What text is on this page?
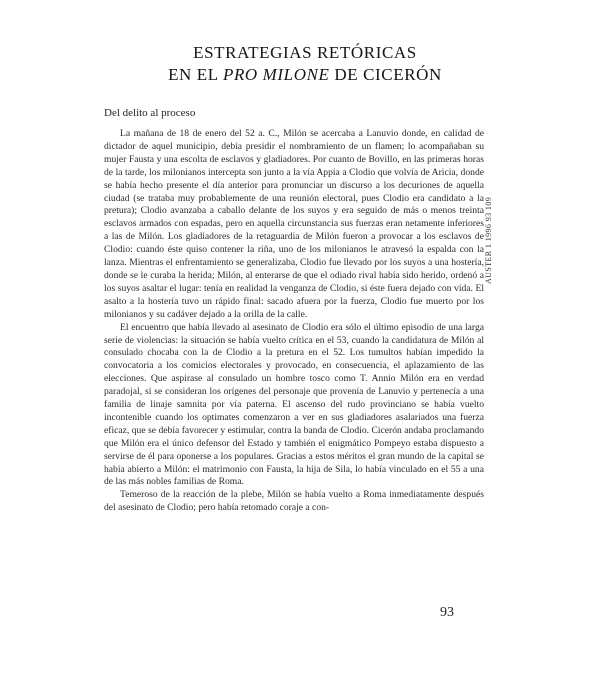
ESTRATEGIAS RETÓRICAS
EN EL PRO MILONE DE CICERÓN
AUSTER 1 1996 93 109
Del delito al proceso

La mañana de 18 de enero del 52 a. C., Milón se acercaba a Lanuvio donde, en calidad de dictador de aquel municipio, debía presidir el nombramiento de un flamen; lo acompañaban su mujer Fausta y una escolta de esclavos y gladiadores. Por cuanto de Bovillo, en las primeras horas de la tarde, los milonianos intercepta son junto a la vía Appia a Clodio que volvía de Aricia, donde se había hecho presente el día anterior para pronunciar un discurso a los decuriones de aquella ciudad (se trataba muy probablemente de una reunión electoral, pues Clodio era candidato a la pretura); Clodio avanzaba a caballo delante de los suyos y era seguido de más o menos treinta esclavos armados con espadas, pero en aquella circunstancia sus fuerzas eran netamente inferiores a las de Milón. Los gladiadores de la retaguardia de Milón fueron a provocar a los esclavos de Clodio: cuando éste quiso contener la riña, uno de los milonianos le atravesó la espalda con la lanza. Mientras el enfrentamiento se generalizaba, Clodio fue llevado por los suyos a una hostería, donde se le curaba la herida; Milón, al enterarse de que el odiado rival había sido herido, ordenó a los suyos asaltar el lugar: tenía en realidad la venganza de Clodio, si éste fuera dejado con vida. El asalto a la hostería tuvo un rápido final: sacado afuera por la fuerza, Clodio fue muerto por los milonianos y su cadáver dejado a la orilla de la calle.

El encuentro que había llevado al asesinato de Clodio era sólo el último episodio de una larga serie de violencias: la situación se había vuelto crítica en el 53, cuando la candidatura de Milón al consulado chocaba con la de Clodio a la pretura en el 52. Los tumultos habían impedido la convocatoria a los comicios electorales y provocado, en consecuencia, el aplazamiento de las elecciones. Que aspirase al consulado un hombre tosco como T. Annio Milón era en verdad paradojal, si se consideran los orígenes del personaje que provenía de Lanuvio y pertenecía a una familia de linaje samnita por vía paterna. El ascenso del rudo provinciano se había vuelto incontenible cuando los optimates comenzaron a ver en sus gladiadores asalariados una fuerza eficaz, que se debía favorecer y estimular, contra la banda de Clodio. Cicerón andaba proclamando que Milón era el único defensor del Estado y también el enigmático Pompeyo estaba dispuesto a servirse de él para oponerse a los populares. Gracias a estos méritos el gran mundo de la capital se había abierto a Milón: el matrimonio con Fausta, la hija de Sila, lo había vinculado en el 55 a una de las más nobles familias de Roma.

Temeroso de la reacción de la plebe, Milón se había vuelto a Roma inmediatamente después del asesinato de Clodio; pero había retomado coraje a con-

93
